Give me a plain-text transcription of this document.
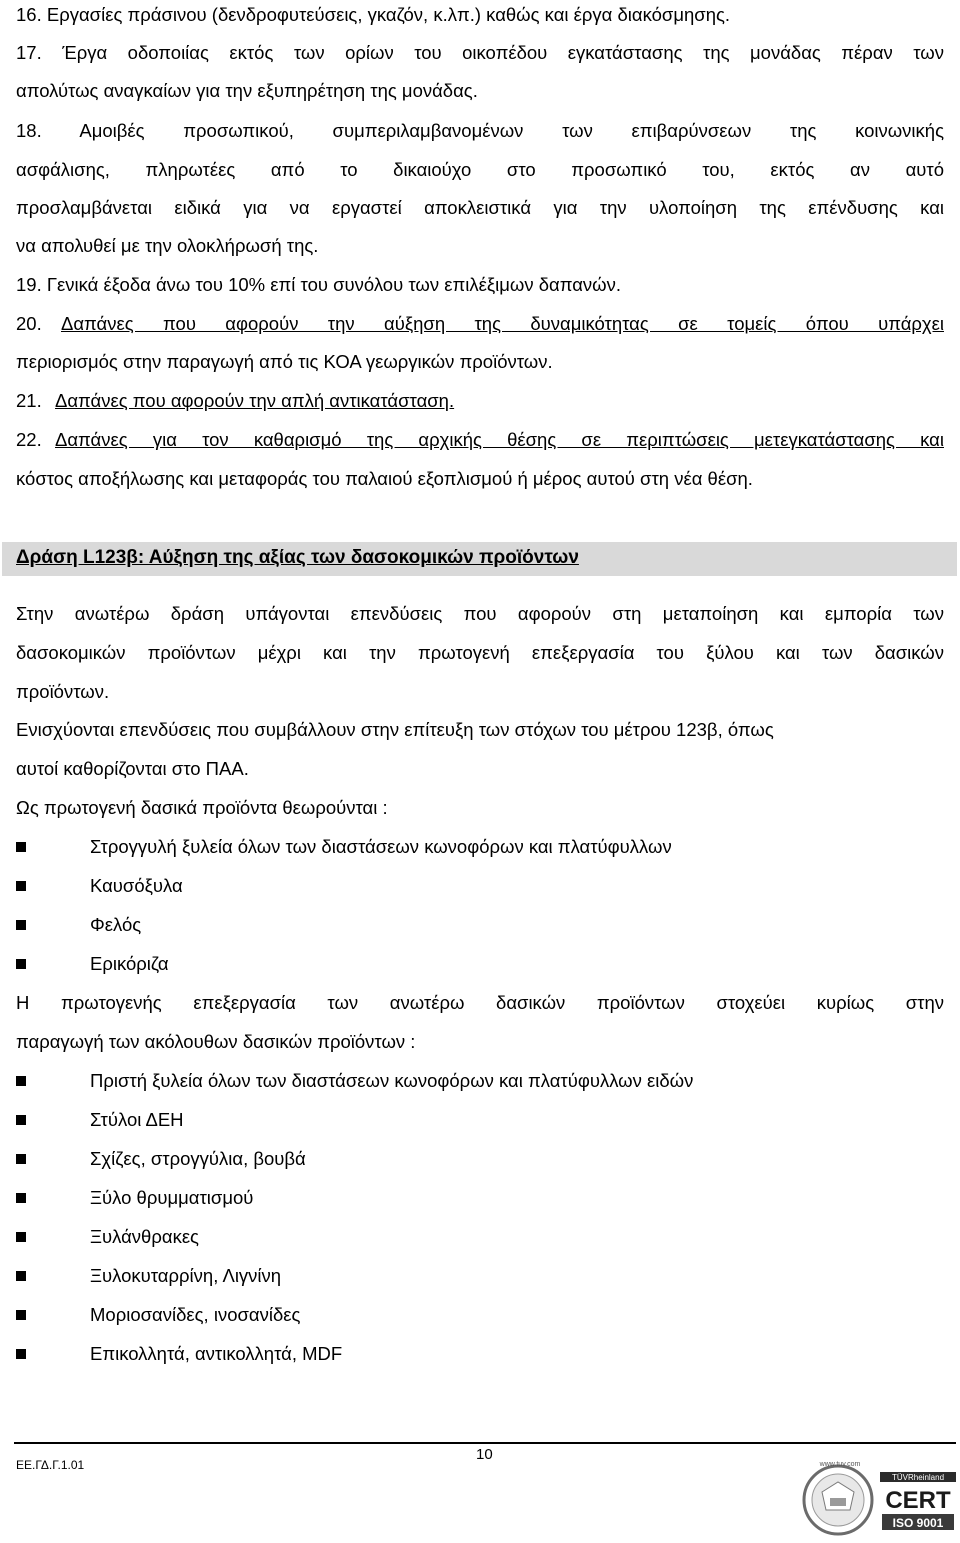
16. Εργασίες πράσινου (δενδροφυτεύσεις, γκαζόν, κ.λπ.) καθώς και έργα διακόσμησης.
17. Έργα οδοποιίας εκτός των ορίων του οικοπέδου εγκατάστασης της μονάδας πέραν των
απολύτως αναγκαίων για την εξυπηρέτηση της μονάδας.
18. Αμοιβές προσωπικού, συμπεριλαμβανομένων των επιβαρύνσεων της κοινωνικής
ασφάλισης, πληρωτέες από το δικαιούχο στο προσωπικό του, εκτός αν αυτό
προσλαμβάνεται ειδικά για να εργαστεί αποκλειστικά για την υλοποίηση της επένδυσης και
να απολυθεί με την ολοκλήρωσή της.
19. Γενικά έξοδα άνω του 10% επί του συνόλου των επιλέξιμων δαπανών.
20. Δαπάνες που αφορούν την αύξηση της δυναμικότητας σε τομείς όπου υπάρχει
περιορισμός στην παραγωγή από τις ΚΟΑ γεωργικών προϊόντων.
21. Δαπάνες που αφορούν την απλή αντικατάσταση.
22. Δαπάνες για τον καθαρισμό της αρχικής θέσης σε περιπτώσεις μετεγκατάστασης και
κόστος αποξήλωσης και μεταφοράς του παλαιού εξοπλισμού ή μέρος αυτού στη νέα θέση.
Δράση L123β: Αύξηση της αξίας των δασοκομικών προϊόντων
Στην ανωτέρω δράση υπάγονται επενδύσεις που αφορούν στη μεταποίηση και εμπορία των
δασοκομικών προϊόντων μέχρι και την πρωτογενή επεξεργασία του ξύλου και των δασικών
προϊόντων.
Ενισχύονται επενδύσεις που συμβάλλουν στην επίτευξη των στόχων του μέτρου 123β, όπως
αυτοί καθορίζονται στο ΠΑΑ.
Ως πρωτογενή δασικά προϊόντα θεωρούνται :
Στρογγυλή ξυλεία όλων των διαστάσεων κωνοφόρων και πλατύφυλλων
Καυσόξυλα
Φελός
Ερικόριζα
Η πρωτογενής επεξεργασία των ανωτέρω δασικών προϊόντων στοχεύει κυρίως στην
παραγωγή των ακόλουθων δασικών προϊόντων :
Πριστή ξυλεία όλων των διαστάσεων κωνοφόρων και πλατύφυλλων ειδών
Στύλοι ΔΕΗ
Σχίζες, στρογγύλια, βουβά
Ξύλο θρυμματισμού
Ξυλάνθρακες
Ξυλοκυταρρίνη, Λιγνίνη
Μοριοσανίδες, ινοσανίδες
Επικολλητά, αντικολλητά, MDF
ΕΕ.ΓΔ.Γ.1.01
10
TÜVRheinland
CERT
ISO 9001
www.tuv.com
